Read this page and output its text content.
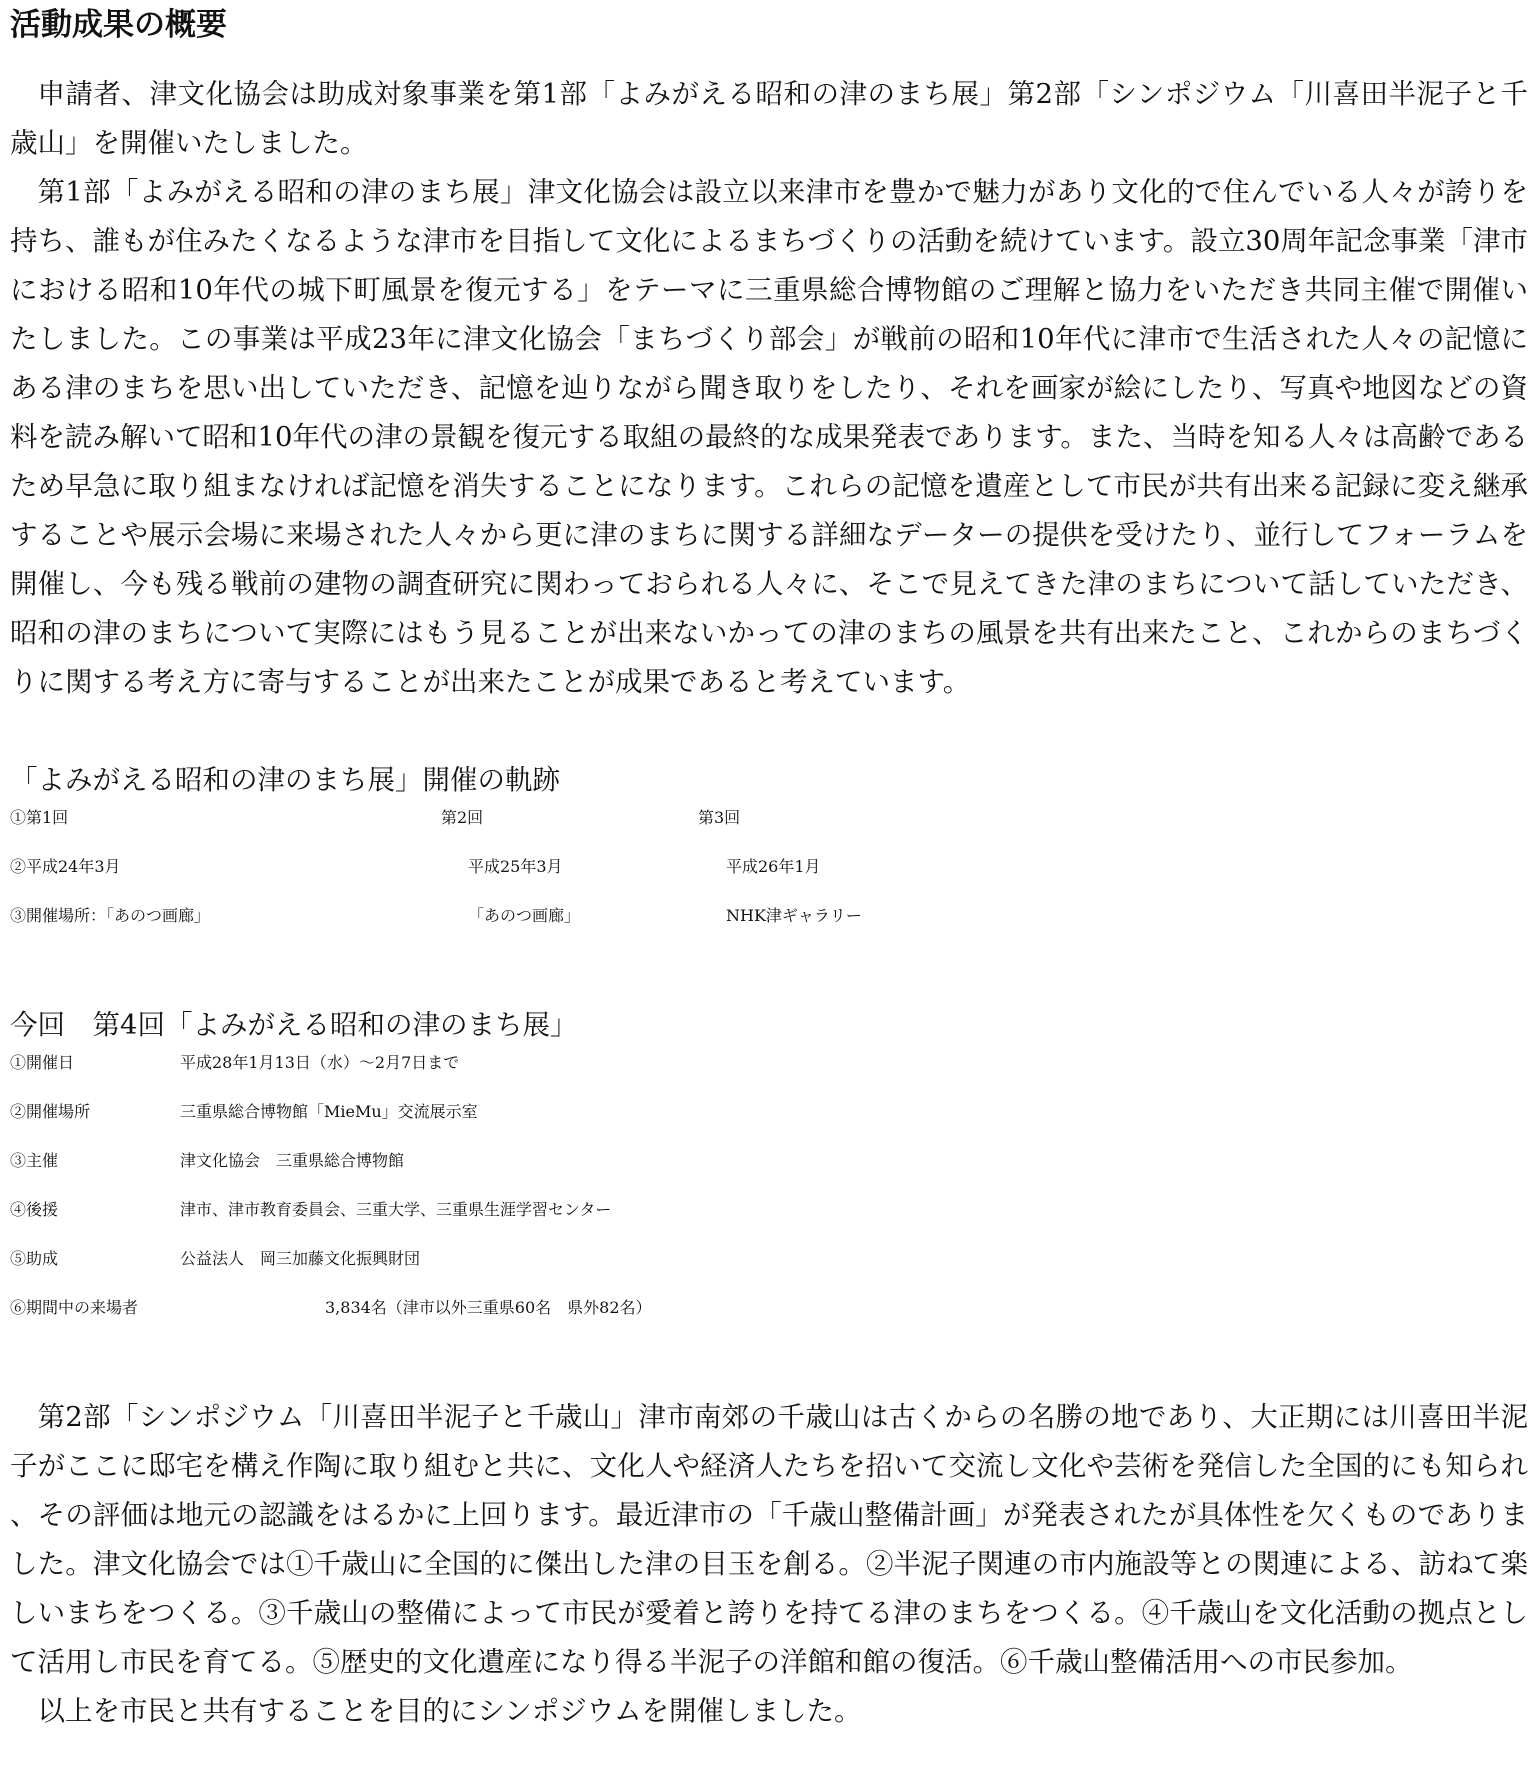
活動成果の概要

申請者、津文化協会は助成対象事業を第1部「よみがえる昭和の津のまち展」第2部「シンポジウム「川喜田半泥子と千歳山」を開催いたしました。

第1部「よみがえる昭和の津のまち展」津文化協会は設立以来津市を豊かで魅力があり文化的で住んでいる人々が誇りを持ち、誰もが住みたくなるような津市を目指して文化によるまちづくりの活動を続けています。設立30周年記念事業「津市における昭和10年代の城下町風景を復元する」をテーマに三重県総合博物館のご理解と協力をいただき共同主催で開催いたしました。この事業は平成23年に津文化協会「まちづくり部会」が戦前の昭和10年代に津市で生活された人々の記憶にある津のまちを思い出していただき、記憶を辿りながら聞き取りをしたり、それを画家が絵にしたり、写真や地図などの資料を読み解いて昭和10年代の津の景観を復元する取組の最終的な成果発表であります。また、当時を知る人々は高齢であるため早急に取り組まなければ記憶を消失することになります。これらの記憶を遺産として市民が共有出来る記録に変え継承することや展示会場に来場された人々から更に津のまちに関する詳細なデーターの提供を受けたり、並行してフォーラムを開催し、今も残る戦前の建物の調査研究に関わっておられる人々に、そこで見えてきた津のまちについて話していただき、昭和の津のまちについて実際にはもう見ることが出来ないかっての津のまちの風景を共有出来たこと、これからのまちづくりに関する考え方に寄与することが出来たことが成果であると考えています。

「よみがえる昭和の津のまち展」開催の軌跡
①第1回	第2回	第3回
②平成24年3月	平成25年3月	平成26年1月
③開催場所：「あのつ画廊」	「あのつ画廊」	NHK津ギャラリー
今回　第4回「よみがえる昭和の津のまち展」
①開催日	平成28年1月13日（水）～2月7日まで
②開催場所	三重県総合博物館「MieMu」交流展示室
③主催	津文化協会　三重県総合博物館
④後援	津市、津市教育委員会、三重大学、三重県生涯学習センター
⑤助成	公益法人　岡三加藤文化振興財団
⑥期間中の来場者	3,834名（津市以外三重県60名　県外82名）

第2部「シンポジウム「川喜田半泥子と千歳山」津市南郊の千歳山は古くからの名勝の地であり、大正期には川喜田半泥子がここに邸宅を構え作陶に取り組むと共に、文化人や経済人たちを招いて交流し文化や芸術を発信した全国的にも知られ、その評価は地元の認識をはるかに上回ります。最近津市の「千歳山整備計画」が発表されたが具体性を欠くものでありました。津文化協会では①千歳山に全国的に傑出した津の目玉を創る。②半泥子関連の市内施設等との関連による、訪ねて楽しいまちをつくる。③千歳山の整備によって市民が愛着と誇りを持てる津のまちをつくる。④千歳山を文化活動の拠点として活用し市民を育てる。⑤歴史的文化遺産になり得る半泥子の洋館和館の復活。⑥千歳山整備活用への市民参加。

以上を市民と共有することを目的にシンポジウムを開催しました。
